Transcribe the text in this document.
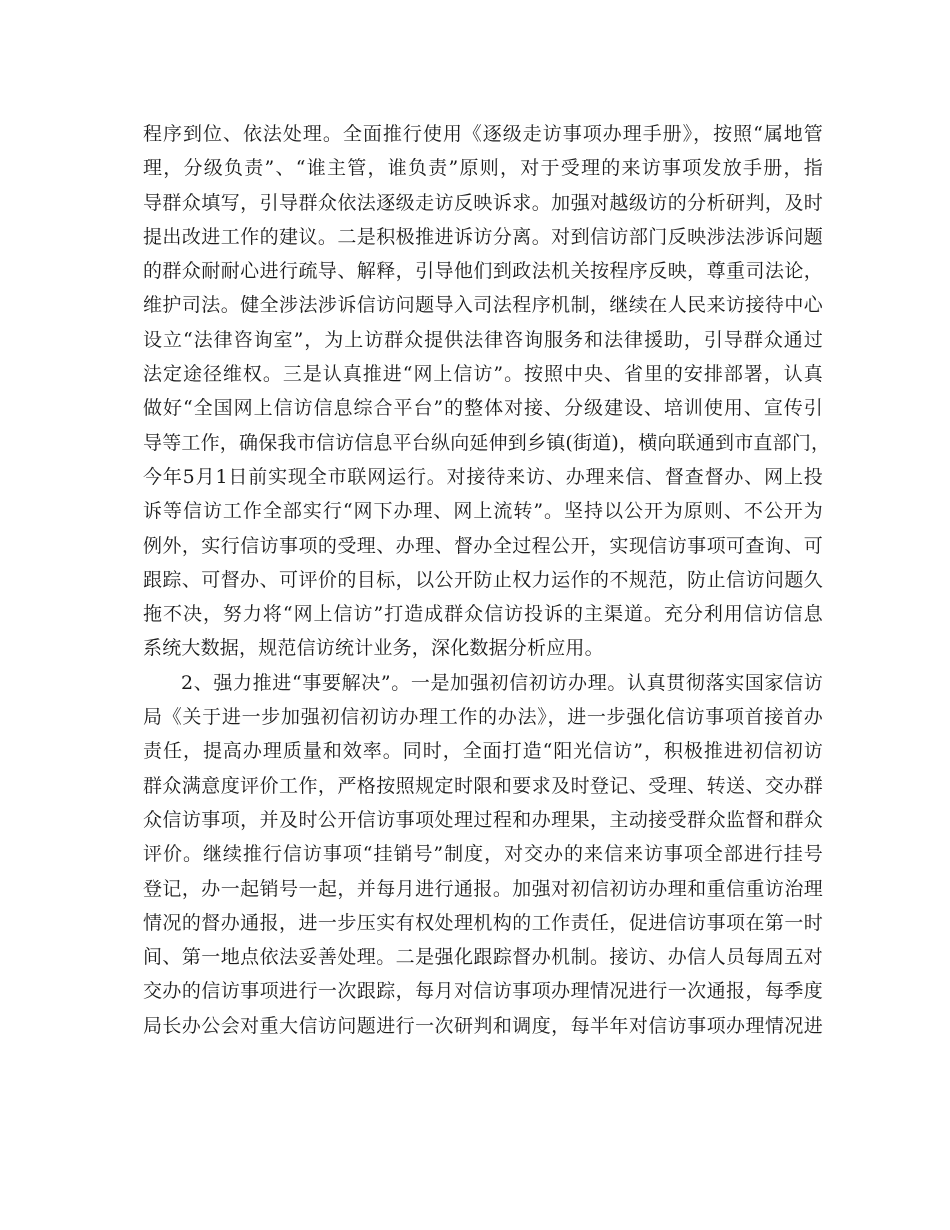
程序到位、依法处理。全面推行使用《逐级走访事项办理手册》，按照“属地管
理，分级负责”、“谁主管，谁负责”原则，对于受理的来访事项发放手册，指
导群众填写，引导群众依法逐级走访反映诉求。加强对越级访的分析研判，及时
提出改进工作的建议。二是积极推进诉访分离。对到信访部门反映涉法涉诉问题
的群众耐耐心进行疏导、解释，引导他们到政法机关按程序反映，尊重司法论，
维护司法。健全涉法涉诉信访问题导入司法程序机制，继续在人民来访接待中心
设立“法律咨询室”，为上访群众提供法律咨询服务和法律援助，引导群众通过
法定途径维权。三是认真推进“网上信访”。按照中央、省里的安排部署，认真
做好“全国网上信访信息综合平台”的整体对接、分级建设、培训使用、宣传引
导等工作，确保我市信访信息平台纵向延伸到乡镇(街道)，横向联通到市直部门，
今年5月1日前实现全市联网运行。对接待来访、办理来信、督查督办、网上投
诉等信访工作全部实行“网下办理、网上流转”。坚持以公开为原则、不公开为
例外，实行信访事项的受理、办理、督办全过程公开，实现信访事项可查询、可
跟踪、可督办、可评价的目标，以公开防止权力运作的不规范，防止信访问题久
拖不决，努力将“网上信访”打造成群众信访投诉的主渠道。充分利用信访信息
系统大数据，规范信访统计业务，深化数据分析应用。
2、强力推进“事要解决”。一是加强初信初访办理。认真贯彻落实国家信访
局《关于进一步加强初信初访办理工作的办法》，进一步强化信访事项首接首办
责任，提高办理质量和效率。同时，全面打造“阳光信访”，积极推进初信初访
群众满意度评价工作，严格按照规定时限和要求及时登记、受理、转送、交办群
众信访事项，并及时公开信访事项处理过程和办理果，主动接受群众监督和群众
评价。继续推行信访事项“挂销号”制度，对交办的来信来访事项全部进行挂号
登记，办一起销号一起，并每月进行通报。加强对初信初访办理和重信重访治理
情况的督办通报，进一步压实有权处理机构的工作责任，促进信访事项在第一时
间、第一地点依法妥善处理。二是强化跟踪督办机制。接访、办信人员每周五对
交办的信访事项进行一次跟踪，每月对信访事项办理情况进行一次通报，每季度
局长办公会对重大信访问题进行一次研判和调度，每半年对信访事项办理情况进
